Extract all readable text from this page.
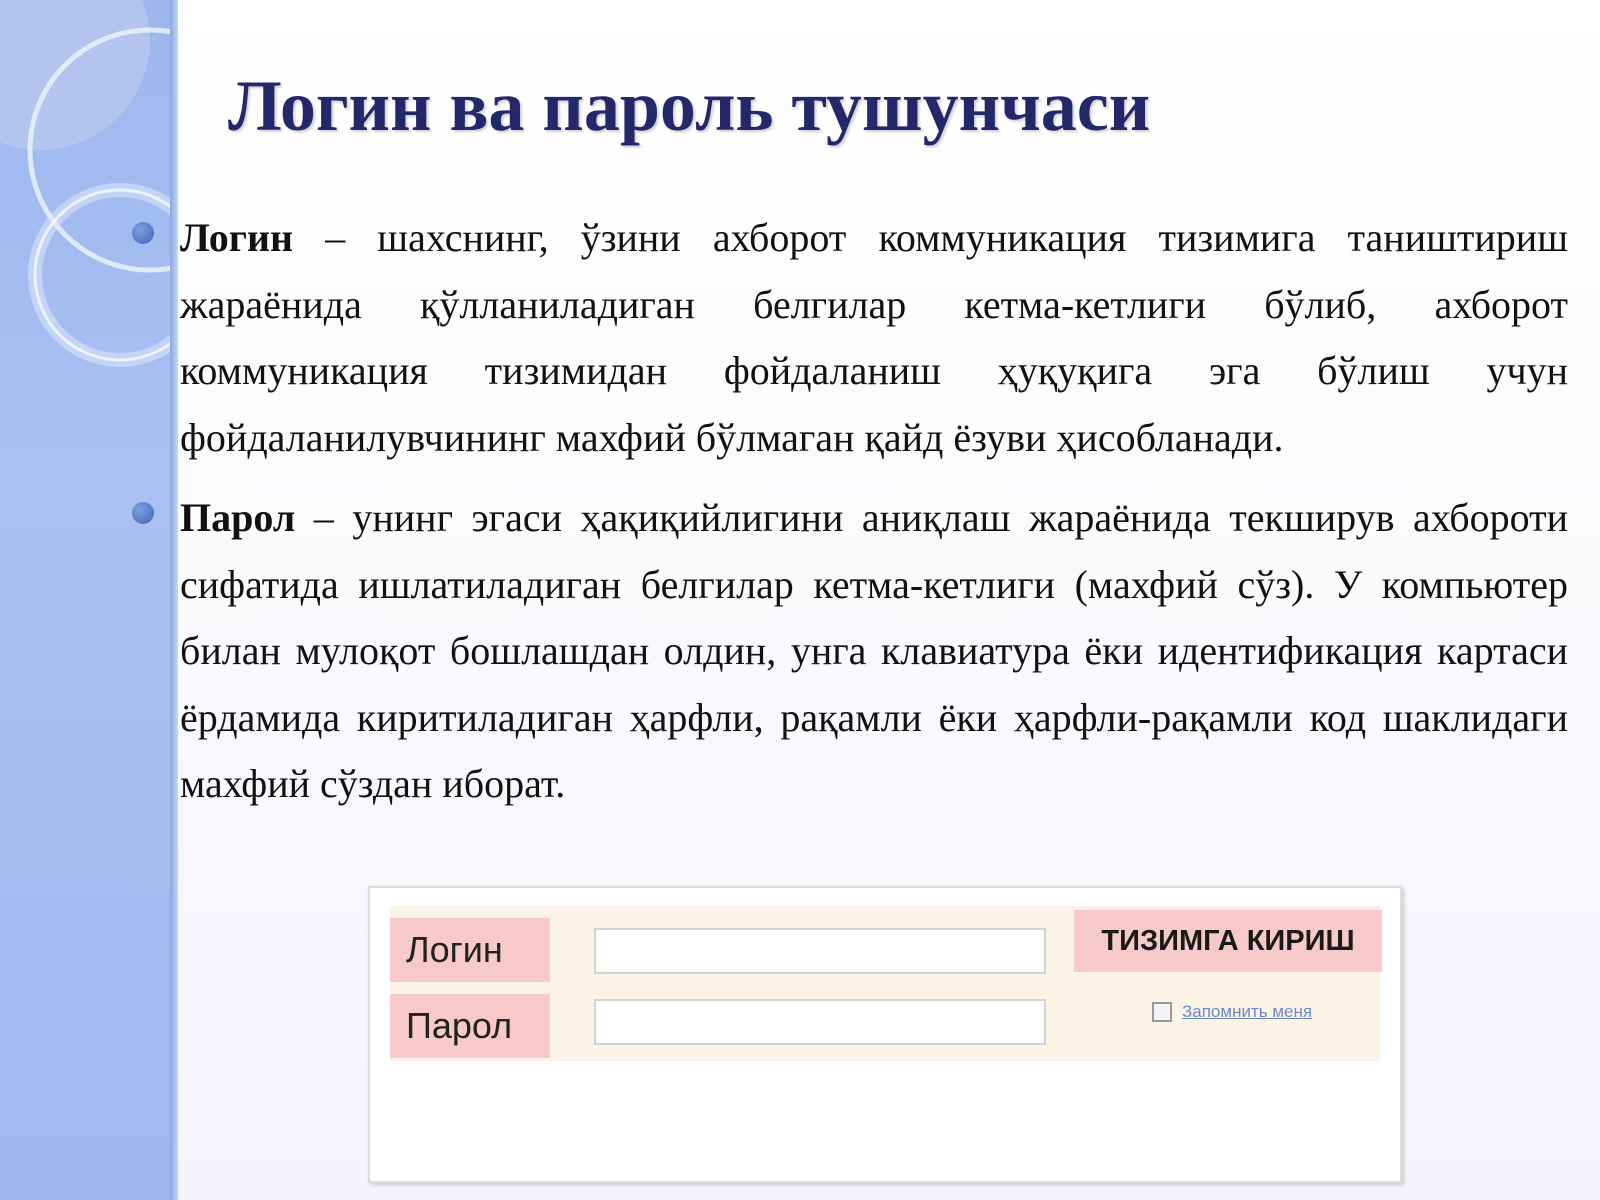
Логин ва пароль тушунчаси

Логин – шахснинг, ўзини ахборот коммуникация тизимига таништириш жараёнида қўлланиладиган белгилар кетма-кетлиги бўлиб, ахборот коммуникация тизимидан фойдаланиш ҳуқуқига эга бўлиш учун фойдаланилувчининг махфий бўлмаган қайд ёзуви ҳисобланади.

Парол – унинг эгаси ҳақиқийлигини аниқлаш жараёнида текширув ахбороти сифатида ишлатиладиган белгилар кетма-кетлиги (махфий сўз). У компьютер билан мулоқот бошлашдан олдин, унга клавиатура ёки идентификация картаси ёрдамида киритиладиган ҳарфли, рақамли ёки ҳарфли-рақамли код шаклидаги махфий сўздан иборат.

Логин
Парол
ТИЗИМГА КИРИШ
Запомнить меня
